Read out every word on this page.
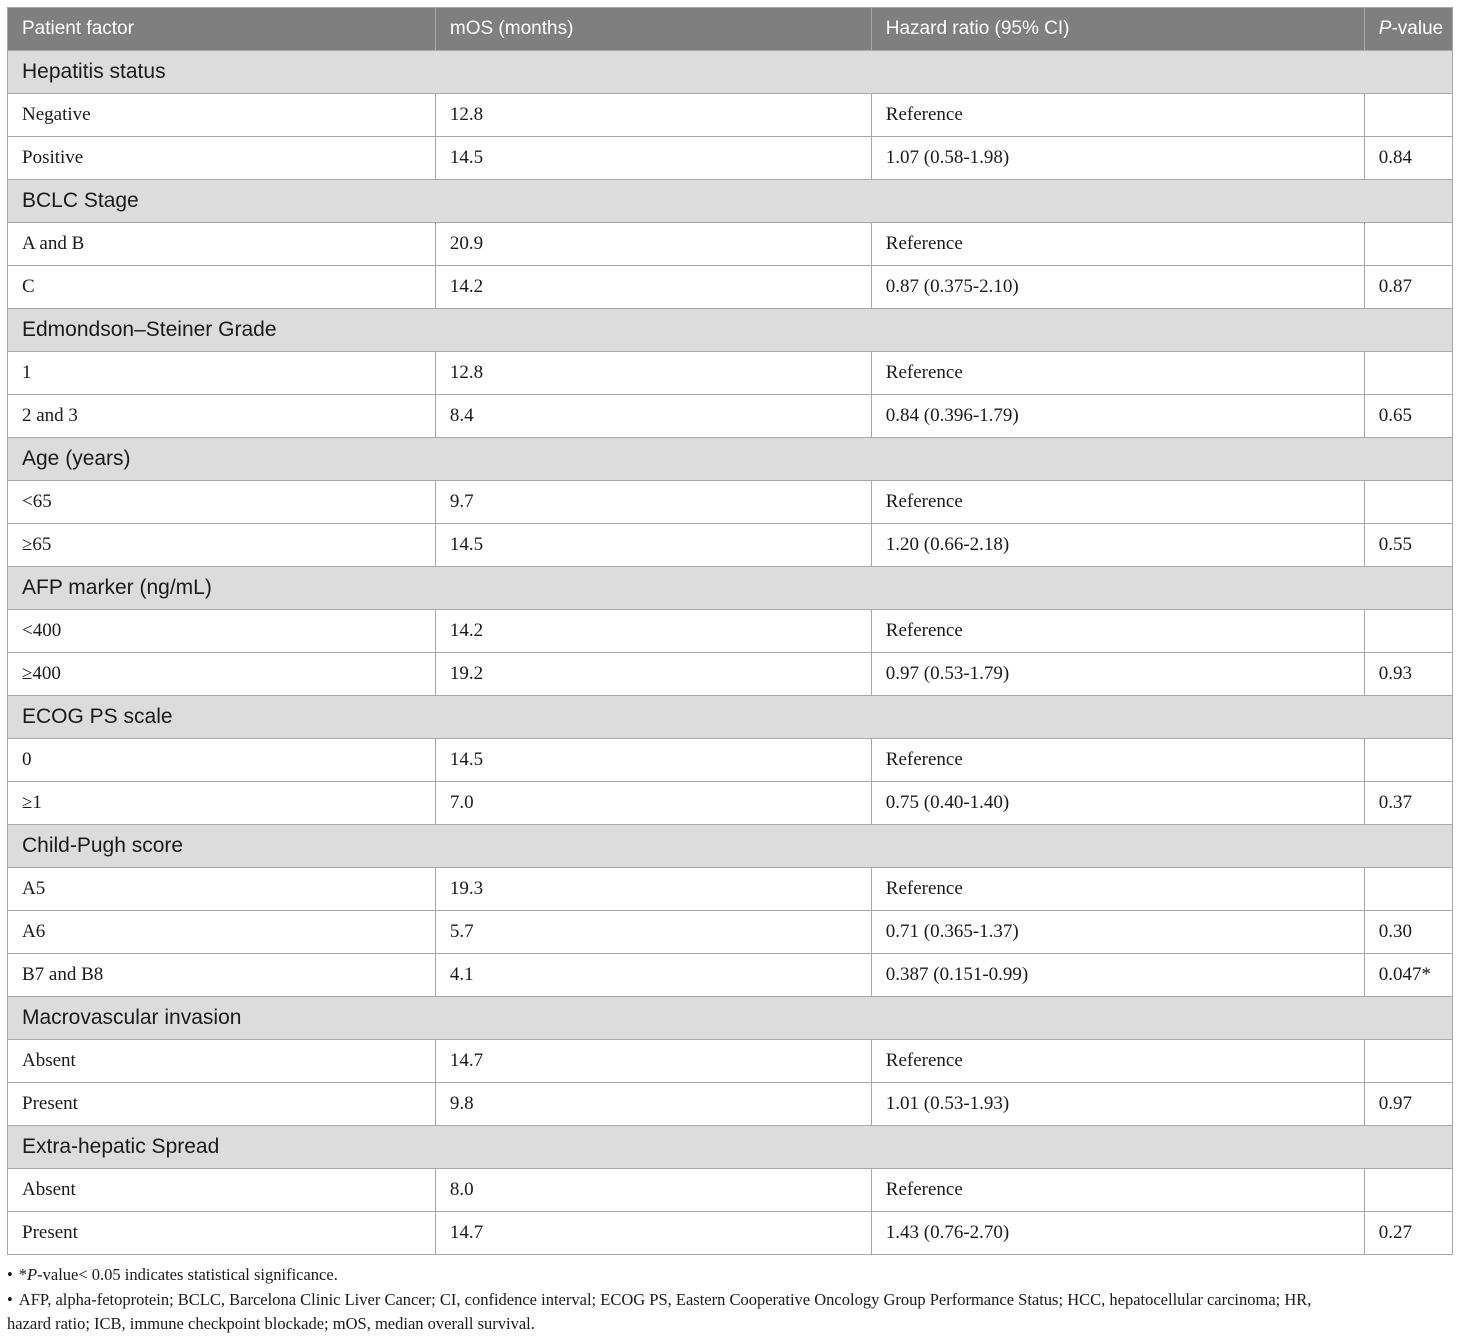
Patient factor	mOS (months)	Hazard ratio (95% CI)	P-value
Hepatitis status			
Negative	12.8	Reference	
Positive	14.5	1.07 (0.58-1.98)	0.84
BCLC Stage			
A and B	20.9	Reference	
C	14.2	0.87 (0.375-2.10)	0.87
Edmondson–Steiner Grade			
1	12.8	Reference	
2 and 3	8.4	0.84 (0.396-1.79)	0.65
Age (years)			
<65	9.7	Reference	
≥65	14.5	1.20 (0.66-2.18)	0.55
AFP marker (ng/mL)			
<400	14.2	Reference	
≥400	19.2	0.97 (0.53-1.79)	0.93
ECOG PS scale			
0	14.5	Reference	
≥1	7.0	0.75 (0.40-1.40)	0.37
Child-Pugh score			
A5	19.3	Reference	
A6	5.7	0.71 (0.365-1.37)	0.30
B7 and B8	4.1	0.387 (0.151-0.99)	0.047*
Macrovascular invasion			
Absent	14.7	Reference	
Present	9.8	1.01 (0.53-1.93)	0.97
Extra-hepatic Spread			
Absent	8.0	Reference	
Present	14.7	1.43 (0.76-2.70)	0.27

• *P-value< 0.05 indicates statistical significance.

• AFP, alpha-fetoprotein; BCLC, Barcelona Clinic Liver Cancer; CI, confidence interval; ECOG PS, Eastern Cooperative Oncology Group Performance Status; HCC, hepatocellular carcinoma; HR,

hazard ratio; ICB, immune checkpoint blockade; mOS, median overall survival.
